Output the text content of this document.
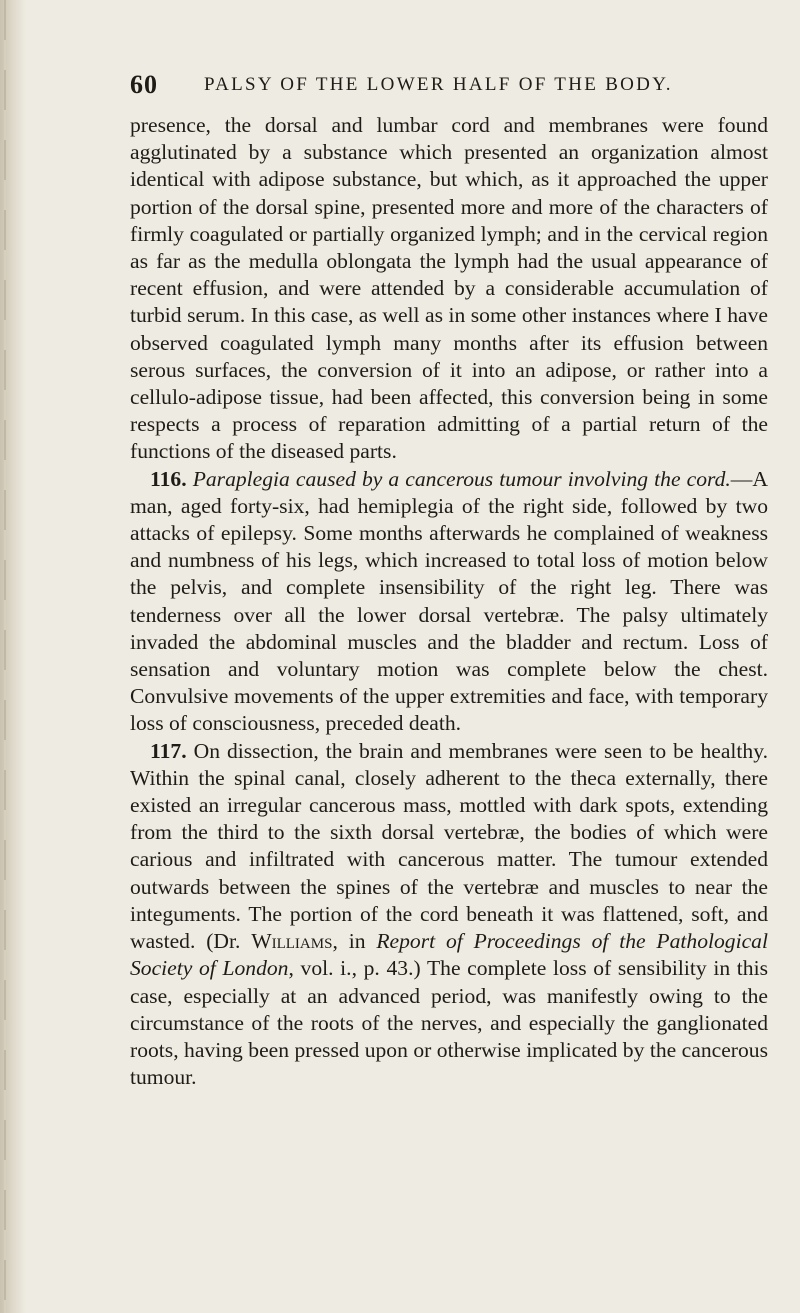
60 PALSY OF THE LOWER HALF OF THE BODY.

presence, the dorsal and lumbar cord and membranes were found agglutinated by a substance which presented an organization almost identical with adipose substance, but which, as it approached the upper portion of the dorsal spine, presented more and more of the characters of firmly coagulated or partially organized lymph; and in the cervical region as far as the medulla oblongata the lymph had the usual appearance of recent effusion, and were attended by a considerable accumulation of turbid serum. In this case, as well as in some other instances where I have observed coagulated lymph many months after its effusion between serous surfaces, the conversion of it into an adipose, or rather into a cellulo-adipose tissue, had been affected, this conversion being in some respects a process of reparation admitting of a partial return of the functions of the diseased parts.

116. Paraplegia caused by a cancerous tumour involving the cord.—A man, aged forty-six, had hemiplegia of the right side, followed by two attacks of epilepsy. Some months afterwards he complained of weakness and numbness of his legs, which increased to total loss of motion below the pelvis, and complete insensibility of the right leg. There was tenderness over all the lower dorsal vertebræ. The palsy ultimately invaded the abdominal muscles and the bladder and rectum. Loss of sensation and voluntary motion was complete below the chest. Convulsive movements of the upper extremities and face, with temporary loss of consciousness, preceded death.

117. On dissection, the brain and membranes were seen to be healthy. Within the spinal canal, closely adherent to the theca externally, there existed an irregular cancerous mass, mottled with dark spots, extending from the third to the sixth dorsal vertebræ, the bodies of which were carious and infiltrated with cancerous matter. The tumour extended outwards between the spines of the vertebræ and muscles to near the integuments. The portion of the cord beneath it was flattened, soft, and wasted. (Dr. Williams, in Report of Proceedings of the Pathological Society of London, vol. i., p. 43.) The complete loss of sensibility in this case, especially at an advanced period, was manifestly owing to the circumstance of the roots of the nerves, and especially the ganglionated roots, having been pressed upon or otherwise implicated by the cancerous tumour.
